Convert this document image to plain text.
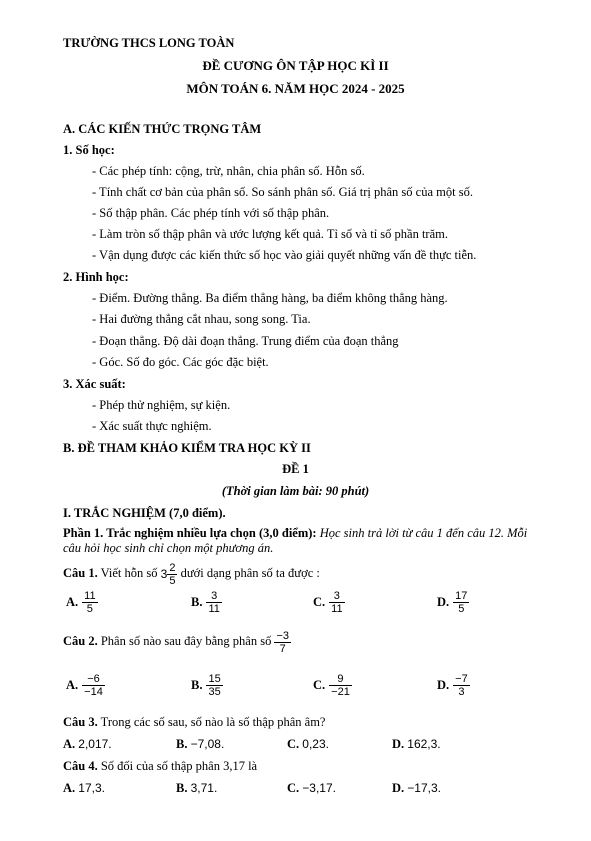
TRƯỜNG THCS LONG TOÀN
ĐỀ CƯƠNG ÔN TẬP HỌC KÌ II
MÔN TOÁN 6. NĂM HỌC 2024 - 2025
A. CÁC KIẾN THỨC TRỌNG TÂM
1. Số học:
- Các phép tính: cộng, trừ, nhân, chia phân số. Hỗn số.
- Tính chất cơ bản của phân số. So sánh phân số. Giá trị phân số của một số.
- Số thập phân. Các phép tính với số thập phân.
- Làm tròn số thập phân và ước lượng kết quả. Tỉ số và tỉ số phần trăm.
- Vận dụng được các kiến thức số học vào giải quyết những vấn đề thực tiễn.
2. Hình học:
- Điểm. Đường thẳng. Ba điểm thẳng hàng, ba điểm không thẳng hàng.
- Hai đường thẳng cắt nhau, song song. Tia.
- Đoạn thẳng. Độ dài đoạn thẳng. Trung điểm của đoạn thẳng
- Góc. Số đo góc. Các góc đặc biệt.
3. Xác suất:
- Phép thử nghiệm, sự kiện.
- Xác suất thực nghiệm.
B. ĐỀ THAM KHẢO KIỂM TRA HỌC KỲ II
ĐỀ 1
(Thời gian làm bài: 90 phút)
I. TRẮC NGHIỆM (7,0 điểm).
Phần 1. Trắc nghiệm nhiều lựa chọn (3,0 điểm): Học sinh trả lời từ câu 1 đến câu 12. Mỗi
câu hỏi học sinh chỉ chọn một phương án.
Câu 1. Viết hỗn số $3 \frac{2}{5}$ dưới dạng phân số ta được :
A. $\frac{11}{5}$	B. $\frac{3}{11}$	C. $\frac{3}{11}$	D. $\frac{17}{5}$
Câu 2. Phân số nào sau đây bằng phân số $\frac{-3}{7}$
A. $\frac{-6}{-14}$	B. $\frac{15}{35}$	C. $\frac{9}{-21}$	D. $\frac{-7}{3}$
Câu 3. Trong các số sau, số nào là số thập phân âm?
A. 2,017.	B. −7,08.	C. 0,23.	D. 162,3.
Câu 4. Số đối của số thập phân 3,17 là
A. 17,3.	B. 3,71.	C. −3,17.	D. −17,3.
